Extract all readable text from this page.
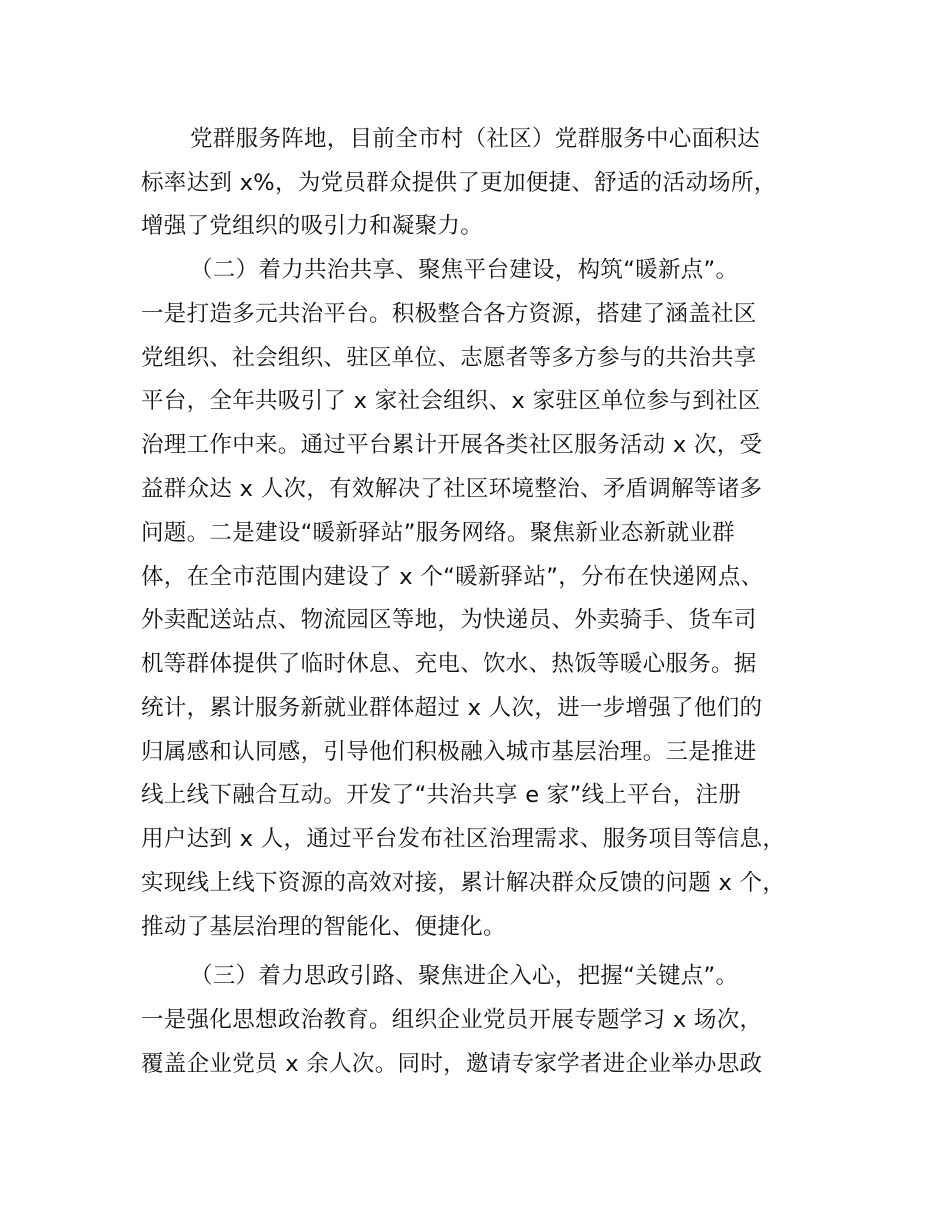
党群服务阵地，目前全市村（社区）党群服务中心面积达
标率达到 x%，为党员群众提供了更加便捷、舒适的活动场所，
增强了党组织的吸引力和凝聚力。
（二）着力共治共享、聚焦平台建设，构筑“暖新点”。
一是打造多元共治平台。积极整合各方资源，搭建了涵盖社区
党组织、社会组织、驻区单位、志愿者等多方参与的共治共享
平台，全年共吸引了 x 家社会组织、x 家驻区单位参与到社区
治理工作中来。通过平台累计开展各类社区服务活动 x 次，受
益群众达 x 人次，有效解决了社区环境整治、矛盾调解等诸多
问题。二是建设“暖新驿站”服务网络。聚焦新业态新就业群
体，在全市范围内建设了 x 个“暖新驿站”，分布在快递网点、
外卖配送站点、物流园区等地，为快递员、外卖骑手、货车司
机等群体提供了临时休息、充电、饮水、热饭等暖心服务。据
统计，累计服务新就业群体超过 x 人次，进一步增强了他们的
归属感和认同感，引导他们积极融入城市基层治理。三是推进
线上线下融合互动。开发了“共治共享 e 家”线上平台，注册
用户达到 x 人，通过平台发布社区治理需求、服务项目等信息，
实现线上线下资源的高效对接，累计解决群众反馈的问题 x 个，
推动了基层治理的智能化、便捷化。
（三）着力思政引路、聚焦进企入心，把握“关键点”。
一是强化思想政治教育。组织企业党员开展专题学习 x 场次，
覆盖企业党员 x 余人次。同时，邀请专家学者进企业举办思政
